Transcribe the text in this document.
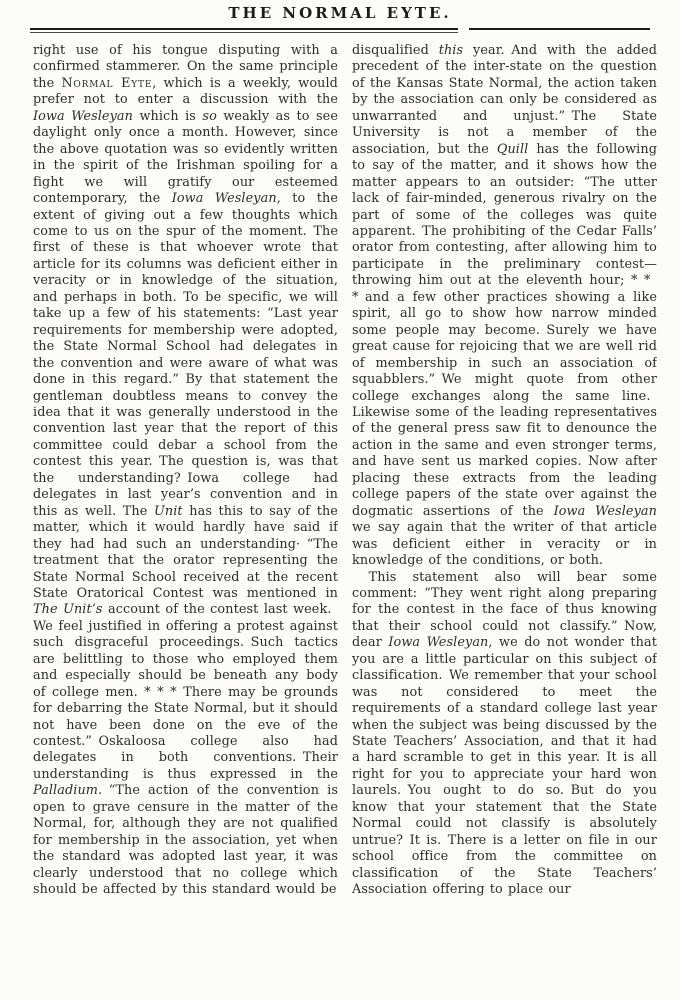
THE NORMAL EYTE.

right use of his tongue disputing with a confirmed stammerer. On the same principle the Normal Eyte, which is a weekly, would prefer not to enter a discussion with the Iowa Wesleyan which is so weakly as to see daylight only once a month. However, since the above quotation was so evidently written in the spirit of the Irishman spoiling for a fight we will gratify our esteemed contemporary, the Iowa Wesleyan, to the extent of giving out a few thoughts which come to us on the spur of the moment. The first of these is that whoever wrote that article for its columns was deficient either in veracity or in knowledge of the situation, and perhaps in both. To be specific, we will take up a few of his statements: “Last year requirements for membership were adopted, the State Normal School had delegates in the convention and were aware of what was done in this regard.” By that statement the gentleman doubtless means to convey the idea that it was generally understood in the convention last year that the report of this committee could debar a school from the contest this year. The question is, was that the understanding? Iowa college had delegates in last year’s convention and in this as well. The Unit has this to say of the matter, which it would hardly have said if they had had such an understanding· “The treatment that the orator representing the State Normal School received at the recent State Oratorical Contest was mentioned in The Unit’s account of the contest last week. We feel justified in offering a protest against such disgraceful proceedings. Such tactics are belittling to those who employed them and especially should be beneath any body of college men. * * * There may be grounds for debarring the State Normal, but it should not have been done on the eve of the contest.” Oskaloosa college also had delegates in both conventions. Their understanding is thus expressed in the Palladium. “The action of the convention is open to grave censure in the matter of the Normal, for, although they are not qualified for membership in the association, yet when the standard was adopted last year, it was clearly understood that no college which should be affected by this standard would be

disqualified this year. And with the added precedent of the inter-state on the question of the Kansas State Normal, the action taken by the association can only be considered as unwarranted and unjust.” The State University is not a member of the association, but the Quill has the following to say of the matter, and it shows how the matter appears to an outsider: “The utter lack of fair-minded, generous rivalry on the part of some of the colleges was quite apparent. The prohibiting of the Cedar Falls’ orator from contesting, after allowing him to participate in the preliminary contest— throwing him out at the eleventh hour; * * * and a few other practices showing a like spirit, all go to show how narrow minded some people may become. Surely we have great cause for rejoicing that we are well rid of membership in such an association of squabblers.” We might quote from other college exchanges along the same line. Likewise some of the leading representatives of the general press saw fit to denounce the action in the same and even stronger terms, and have sent us marked copies. Now after placing these extracts from the leading college papers of the state over against the dogmatic assertions of the Iowa Wesleyan we say again that the writer of that article was deficient either in veracity or in knowledge of the conditions, or both.

This statement also will bear some comment: “They went right along preparing for the contest in the face of thus knowing that their school could not classify.” Now, dear Iowa Wesleyan, we do not wonder that you are a little particular on this subject of classification. We remember that your school was not considered to meet the requirements of a standard college last year when the subject was being discussed by the State Teachers’ Association, and that it had a hard scramble to get in this year. It is all right for you to appreciate your hard won laurels. You ought to do so. But do you know that your statement that the State Normal could not classify is absolutely untrue? It is. There is a letter on file in our school office from the committee on classification of the State Teachers’ Association offering to place our
